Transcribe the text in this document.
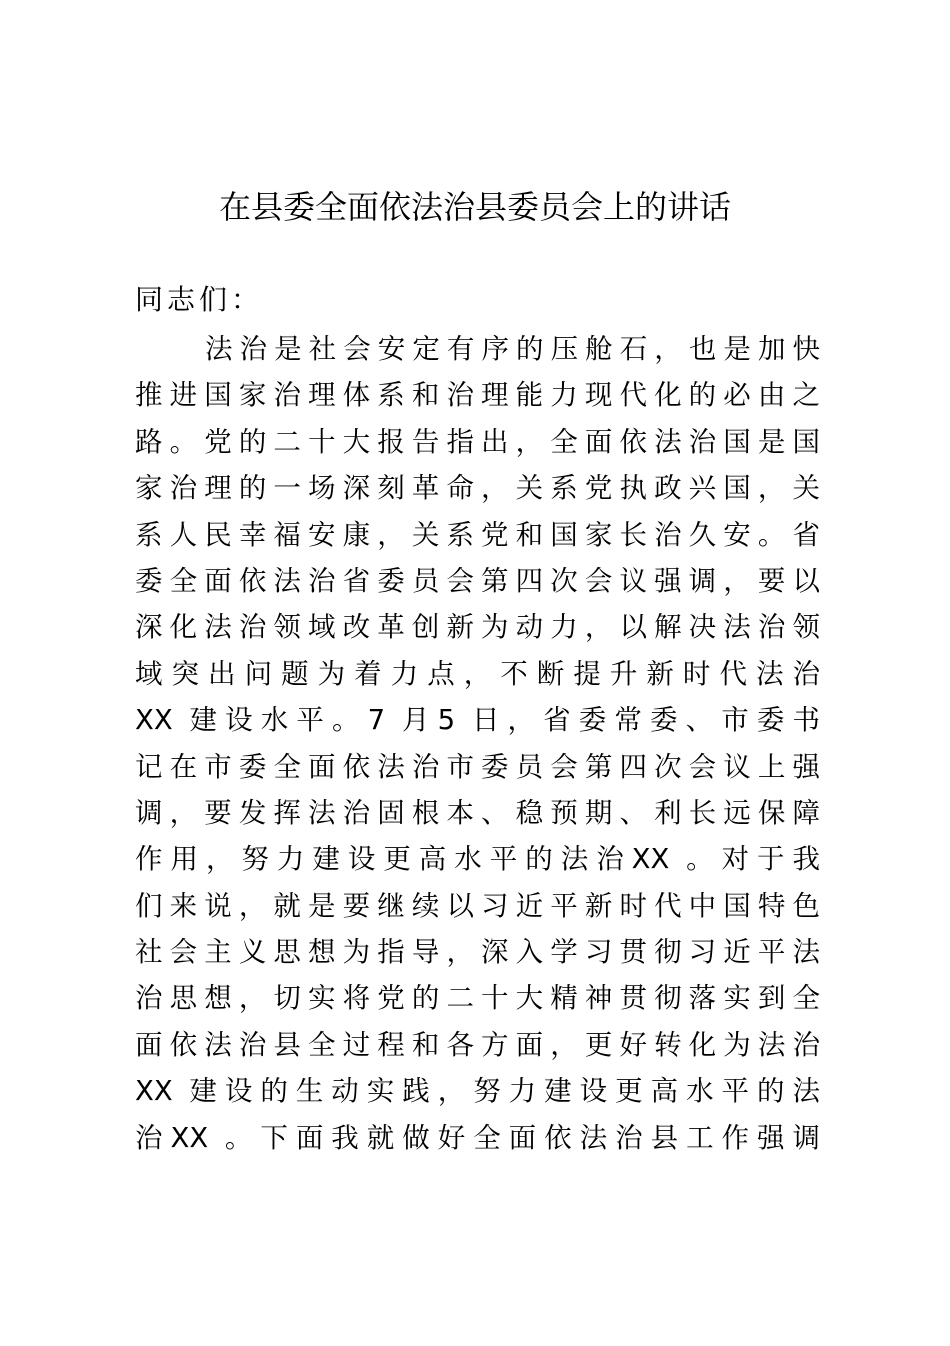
在县委全面依法治县委员会上的讲话
同志们：
法治是社会安定有序的压舱石，也是加快
推进国家治理体系和治理能力现代化的必由之
路。党的二十大报告指出，全面依法治国是国
家治理的一场深刻革命，关系党执政兴国，关
系人民幸福安康，关系党和国家长治久安。省
委全面依法治省委员会第四次会议强调，要以
深化法治领域改革创新为动力，以解决法治领
域突出问题为着力点，不断提升新时代法治
XX 建设水平。7 月5 日，省委常委、市委书
记在市委全面依法治市委员会第四次会议上强
调，要发挥法治固根本、稳预期、利长远保障
作用，努力建设更高水平的法治XX 。对于我
们来说，就是要继续以习近平新时代中国特色
社会主义思想为指导，深入学习贯彻习近平法
治思想，切实将党的二十大精神贯彻落实到全
面依法治县全过程和各方面，更好转化为法治
XX 建设的生动实践，努力建设更高水平的法
治XX 。下面我就做好全面依法治县工作强调
